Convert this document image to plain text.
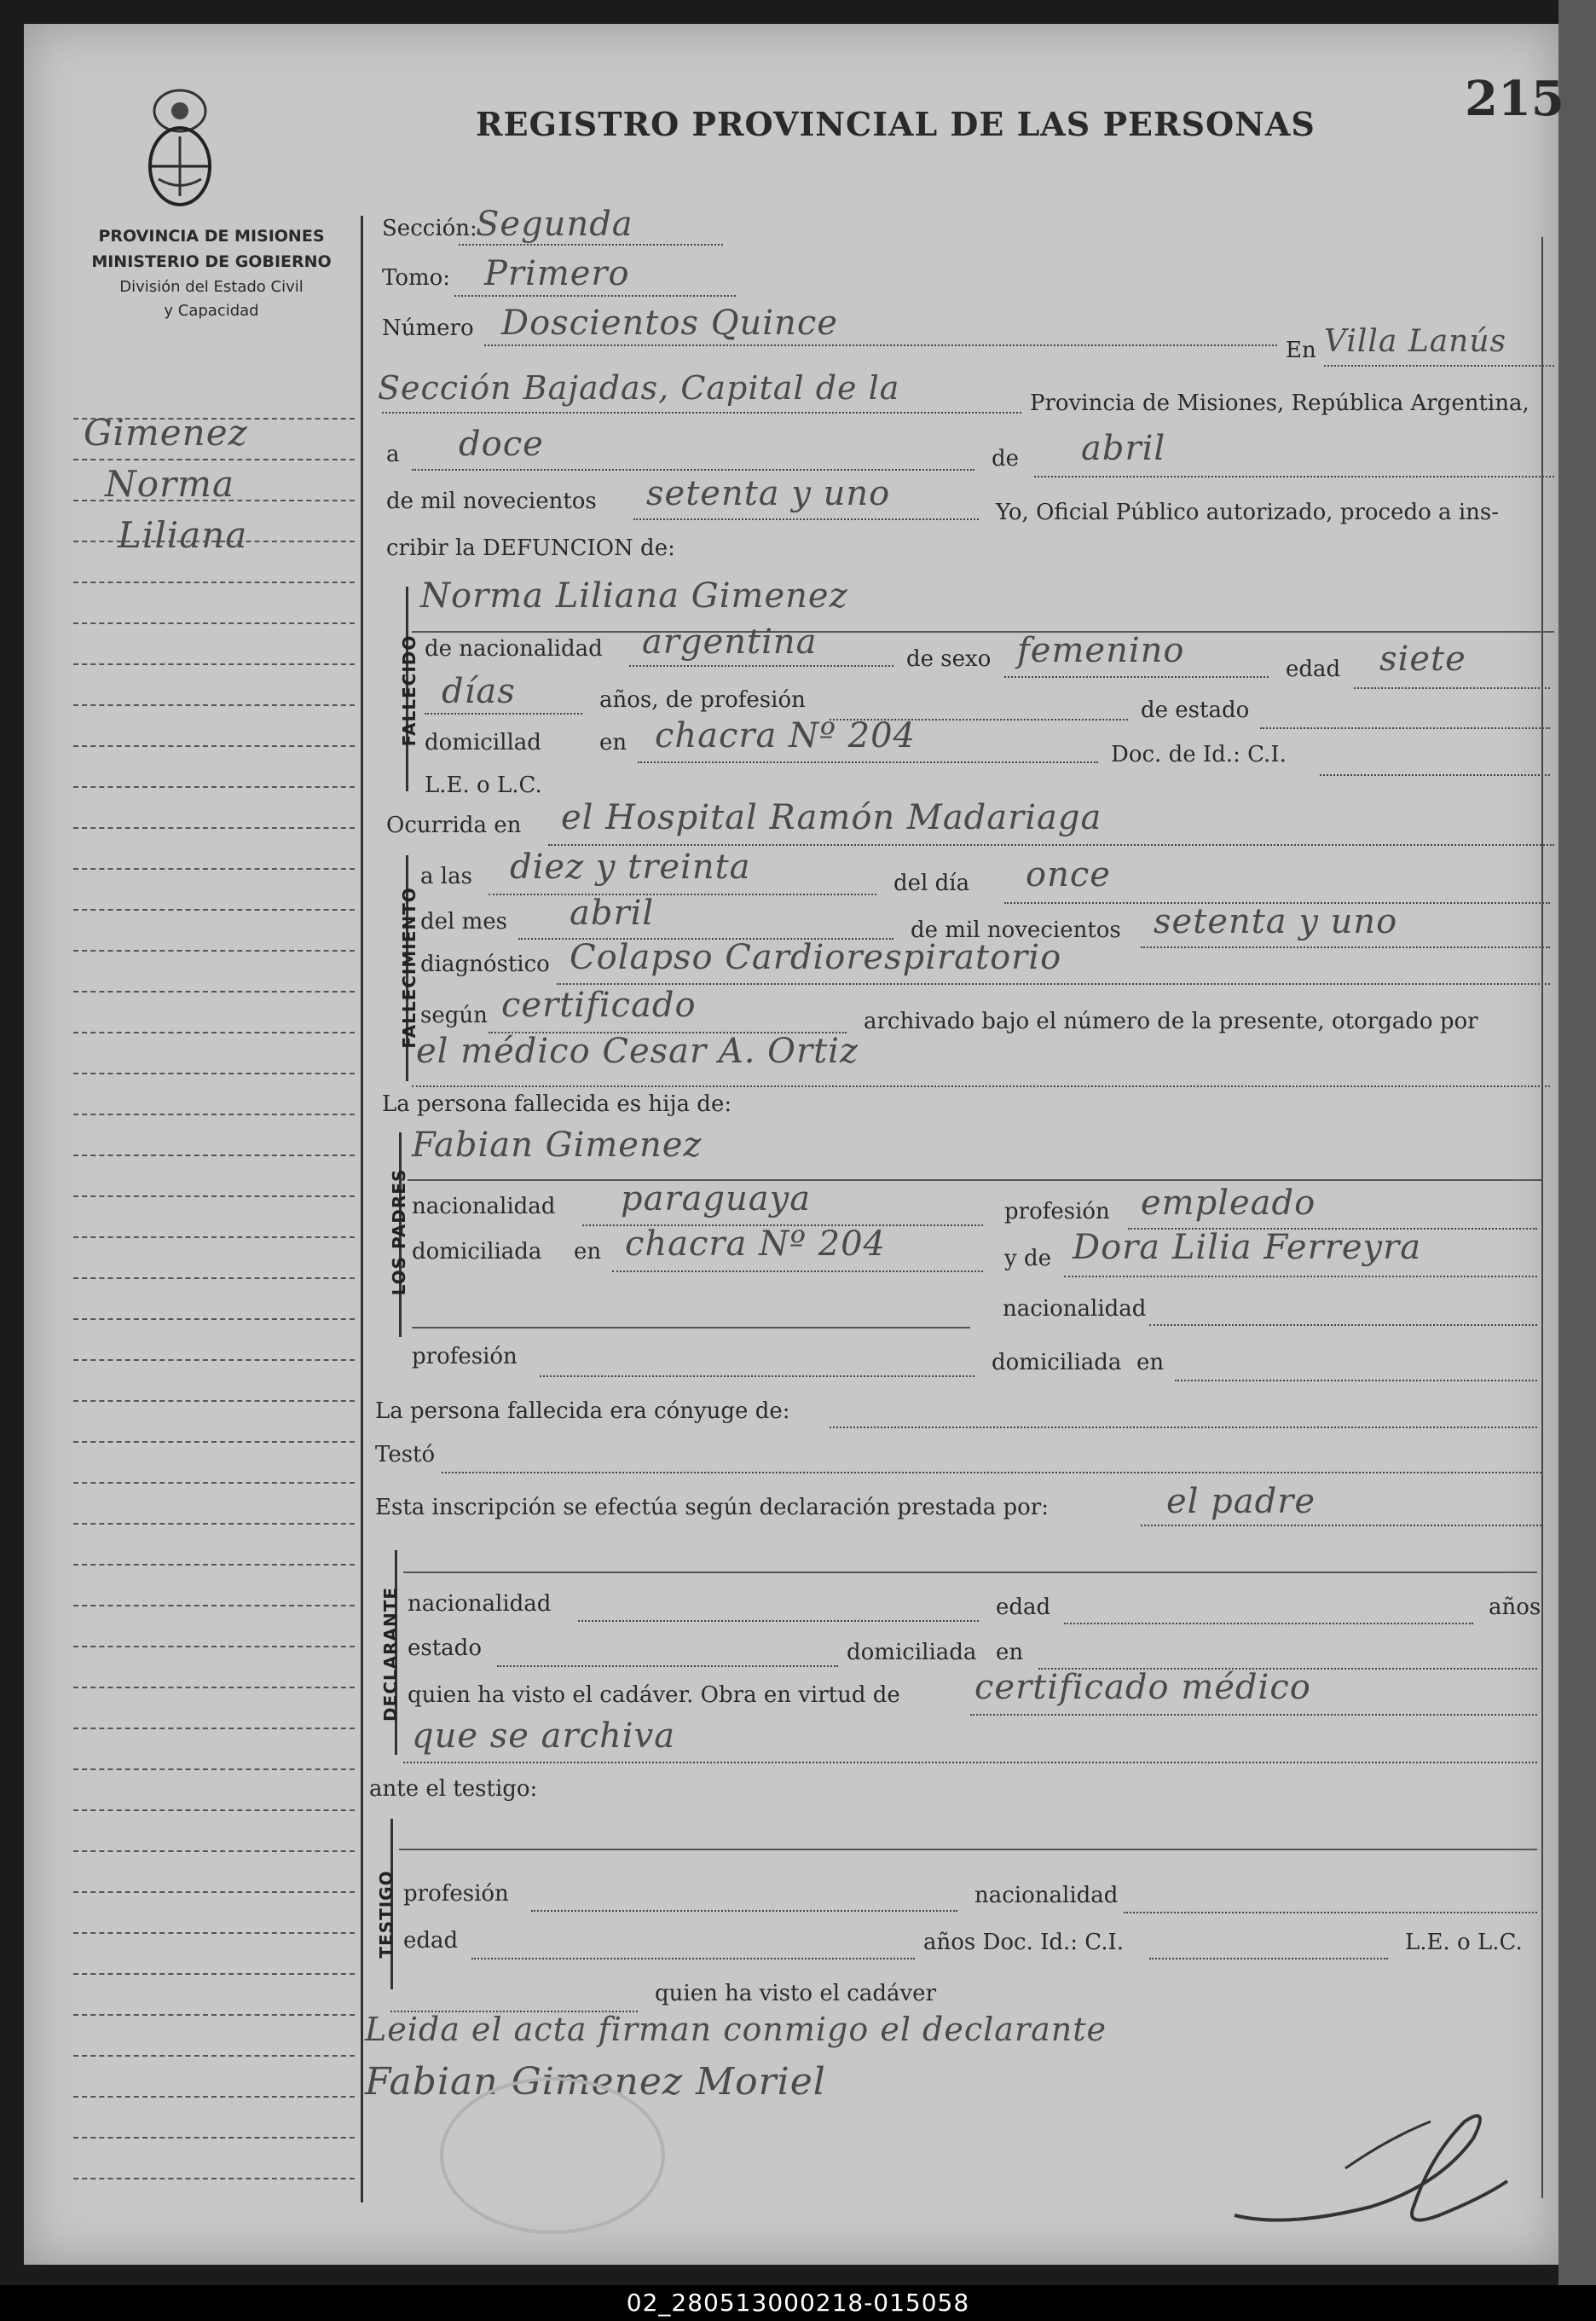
PROVINCIA DE MISIONES
MINISTERIO DE GOBIERNO
División del Estado Civil
y Capacidad
REGISTRO PROVINCIAL DE LAS PERSONAS	215
Gimenez
Norma
Liliana
Sección:
Segunda
Tomo: Primero
Número Doscientos Quince
En Villa Lanús
Sección Bajadas, Capital de la	Provincia de Misiones, República Argentina,
a doce	de abril
de mil novecientos setenta y uno	Yo, Oficial Público autorizado, procedo a ins-
cribir la DEFUNCION de:
FALLECIDO
Norma Liliana Gimenez
de nacionalidad argentina	de sexo femenino	edad siete
días	años, de profesión	de estado
domicillad	en chacra Nº 204	Doc. de Id.: C.I.
L.E. o L.C.
Ocurrida en el Hospital Ramón Madariaga
FALLECIMIENTO
a las diez y treinta	del día once
del mes abril	de mil novecientos setenta y uno
diagnóstico Colapso Cardiorespiratorio
según certificado	archivado bajo el número de la presente, otorgado por
el médico Cesar A. Ortiz
La persona fallecida es hija de:
LOS PADRES
Fabian Gimenez
nacionalidad paraguaya	profesión empleado
domiciliada en chacra Nº 204	y de Dora Lilia Ferreyra
nacionalidad
profesión	domiciliada en
La persona fallecida era cónyuge de:
Testó
Esta inscripción se efectúa según declaración prestada por:	el padre
DECLARANTE nacionalidad	edad	años
estado	domiciliada en
quien ha visto el cadáver. Obra en virtud de certificado médico
que se archiva
ante el testigo:
TESTIGO profesión	nacionalidad
edad	años Doc. Id.: C.I.	L.E. o L.C.
quien ha visto el cadáver
Leida el acta firman conmigo el declarante
Fabian Gimenez Moriel
02_280513000218-015058
